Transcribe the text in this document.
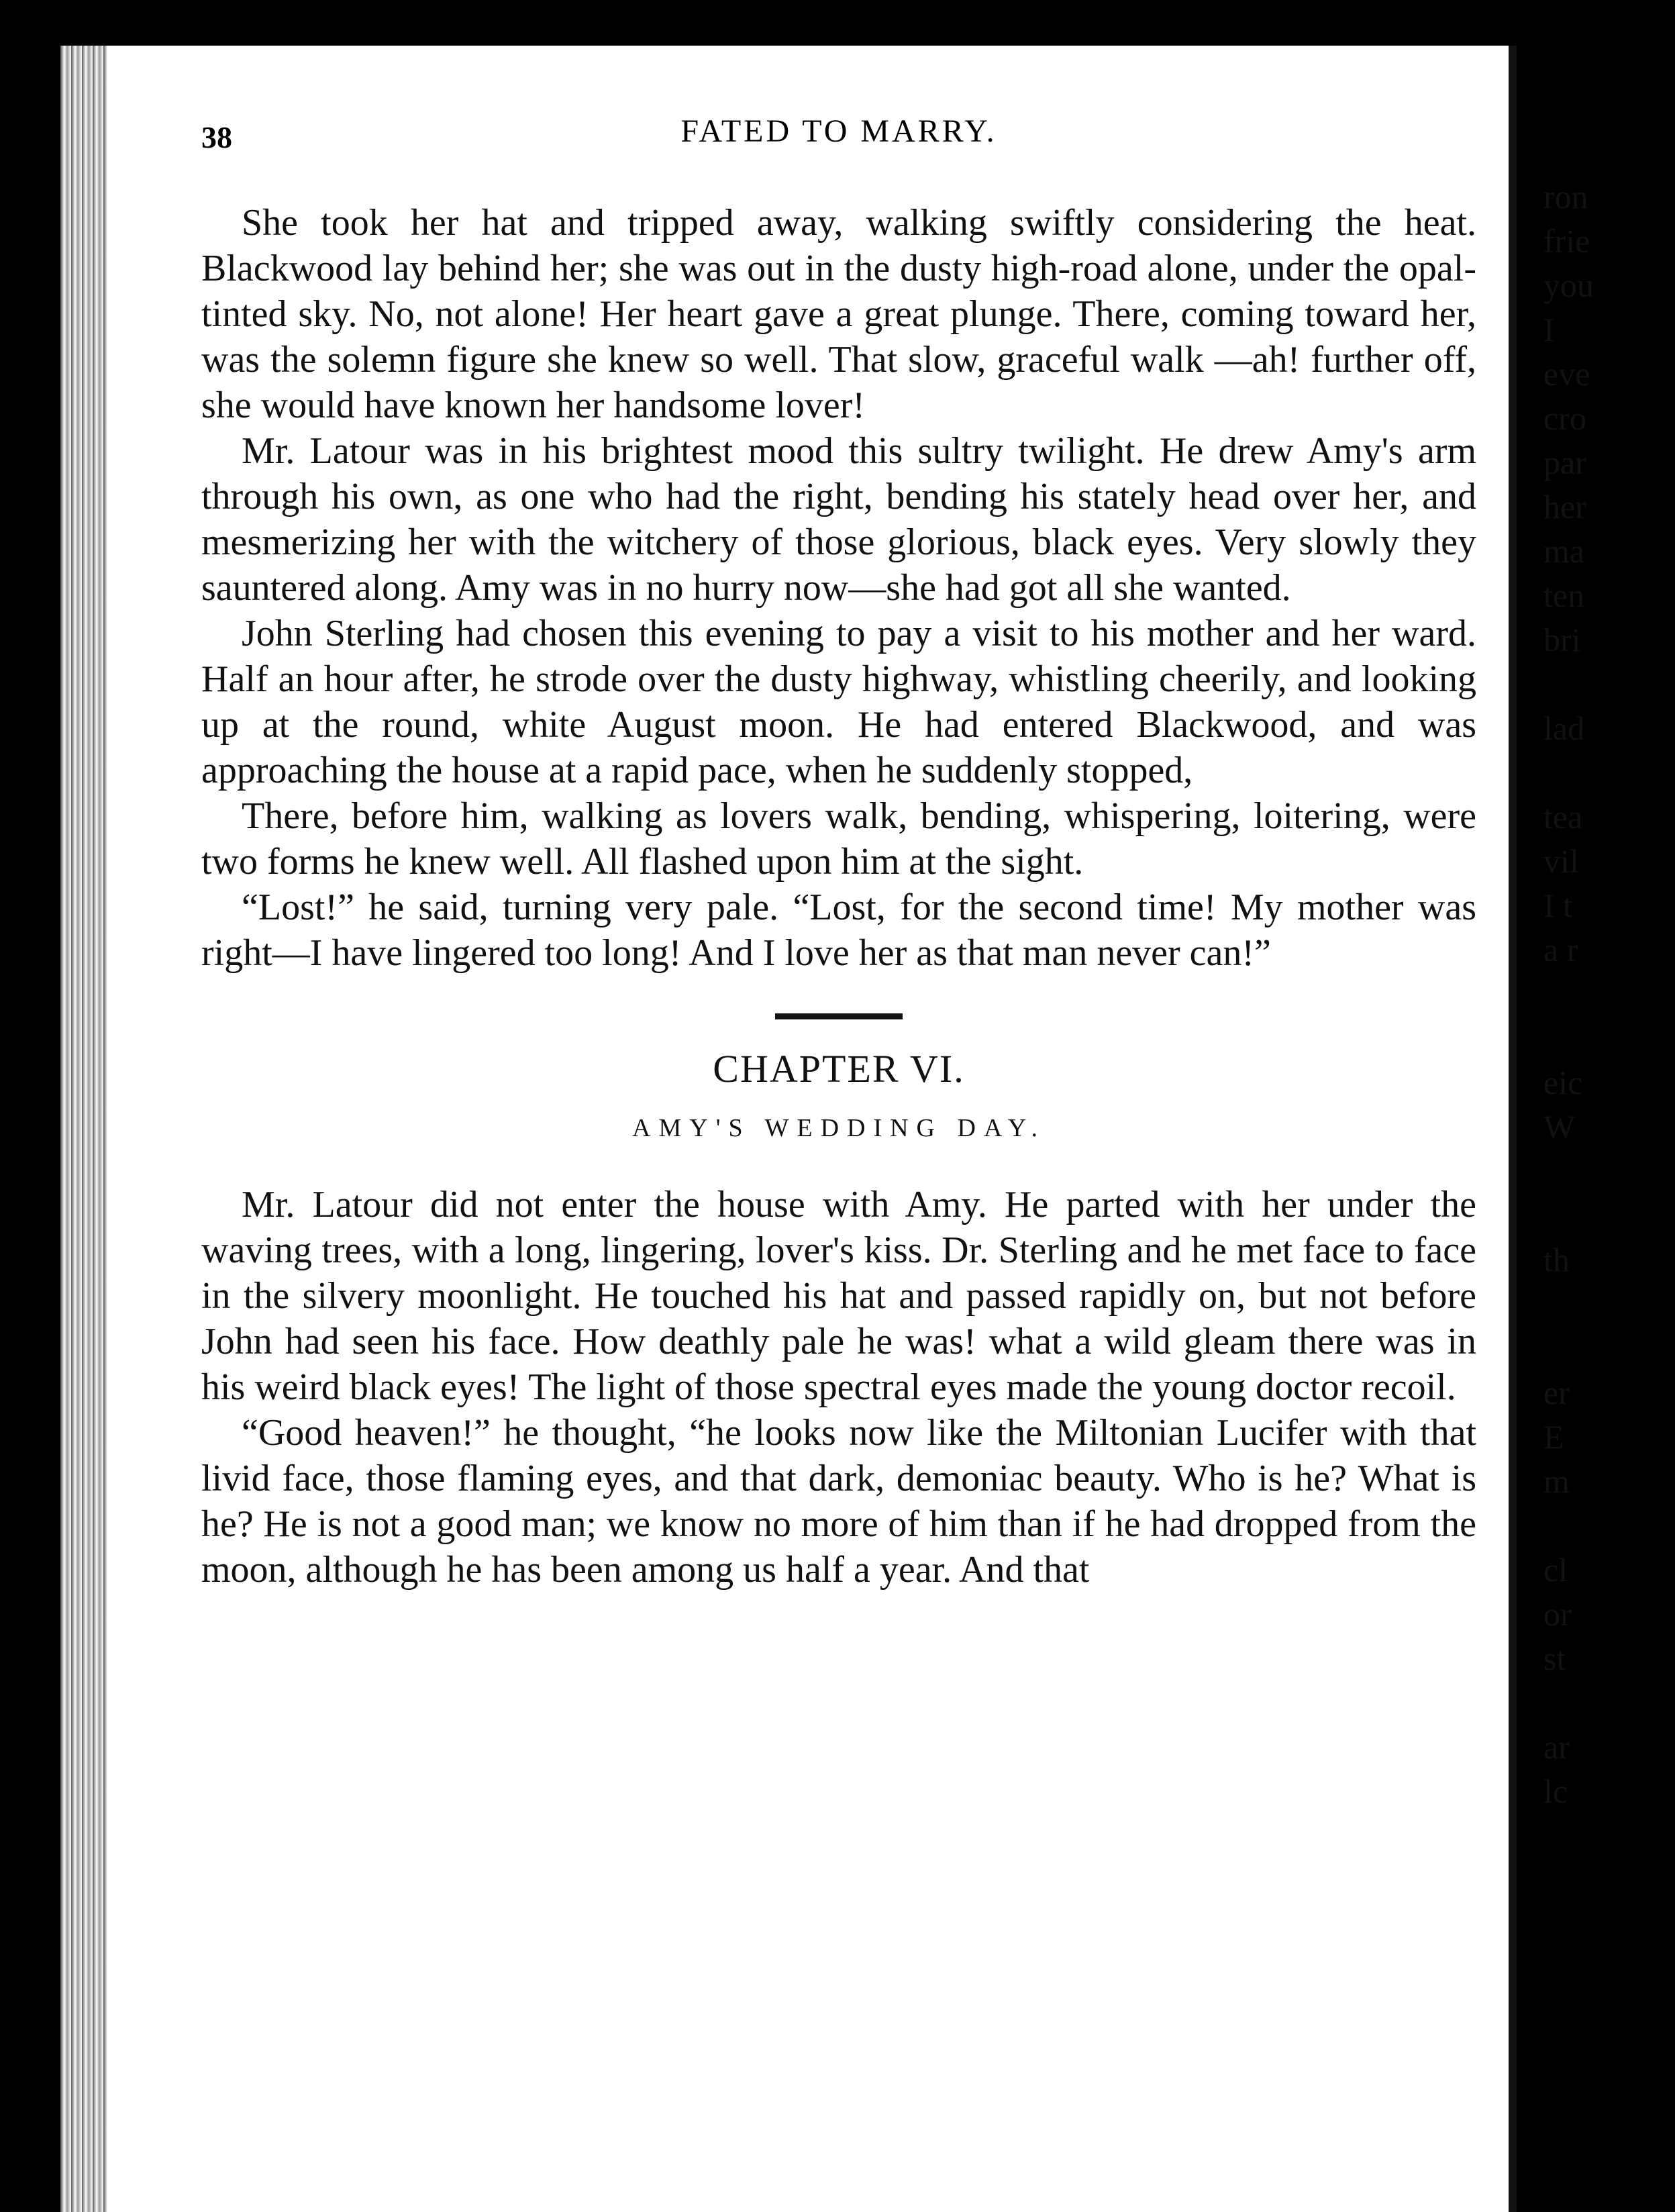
38	FATED TO MARRY.

She took her hat and tripped away, walking swiftly considering the heat. Blackwood lay behind her; she was out in the dusty high-road alone, under the opal-tinted sky. No, not alone! Her heart gave a great plunge. There, coming toward her, was the solemn figure she knew so well. That slow, graceful walk —ah! further off, she would have known her handsome lover!

Mr. Latour was in his brightest mood this sultry twilight. He drew Amy's arm through his own, as one who had the right, bending his stately head over her, and mesmerizing her with the witchery of those glorious, black eyes. Very slowly they sauntered along. Amy was in no hurry now—she had got all she wanted.

John Sterling had chosen this evening to pay a visit to his mother and her ward. Half an hour after, he strode over the dusty highway, whistling cheerily, and looking up at the round, white August moon. He had entered Blackwood, and was approaching the house at a rapid pace, when he suddenly stopped,

There, before him, walking as lovers walk, bending, whispering, loitering, were two forms he knew well. All flashed upon him at the sight.

“Lost!” he said, turning very pale. “Lost, for the second time! My mother was right—I have lingered too long! And I love her as that man never can!”

CHAPTER VI.
AMY'S WEDDING DAY.

Mr. Latour did not enter the house with Amy. He parted with her under the waving trees, with a long, lingering, lover's kiss. Dr. Sterling and he met face to face in the silvery moonlight. He touched his hat and passed rapidly on, but not before John had seen his face. How deathly pale he was! what a wild gleam there was in his weird black eyes! The light of those spectral eyes made the young doctor recoil.

“Good heaven!” he thought, “he looks now like the Miltonian Lucifer with that livid face, those flaming eyes, and that dark, demoniac beauty. Who is he? What is he? He is not a good man; we know no more of him than if he had dropped from the moon, although he has been among us half a year. And that

ron
frie
you
I
eve
cro
par
her
ma
ten
bri
lad
tea
vil
I t
a r
eic
W
th
er
E
m
cl
or
st
ar
lc
